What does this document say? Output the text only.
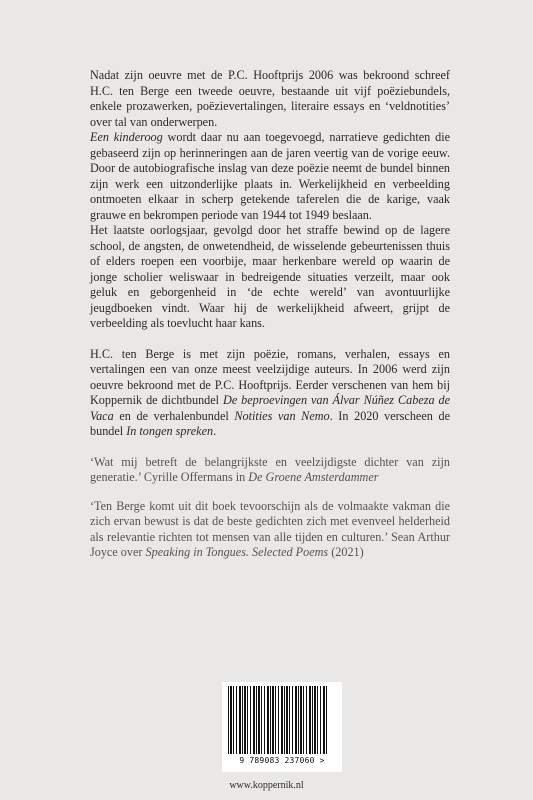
Nadat zijn oeuvre met de P.C. Hooftprijs 2006 was bekroond schreef H.C. ten Berge een tweede oeuvre, bestaande uit vijf poëziebundels, enkele prozawerken, poëzievertalingen, literaire essays en ‘veldnotities’ over tal van onderwerpen.

Een kinderoog wordt daar nu aan toegevoegd, narratieve gedichten die gebaseerd zijn op herinneringen aan de jaren veertig van de vorige eeuw. Door de autobiografische inslag van deze poëzie neemt de bundel binnen zijn werk een uitzonderlijke plaats in. Werkelijkheid en verbeelding ontmoeten elkaar in scherp getekende taferelen die de karige, vaak grauwe en bekrompen periode van 1944 tot 1949 beslaan.

Het laatste oorlogsjaar, gevolgd door het straffe bewind op de lagere school, de angsten, de onwetendheid, de wisselende gebeurtenissen thuis of elders roepen een voorbije, maar herkenbare wereld op waarin de jonge scholier weliswaar in bedreigende situaties verzeilt, maar ook geluk en geborgenheid in ‘de echte wereld’ van avontuurlijke jeugdboeken vindt. Waar hij de werkelijkheid afweert, grijpt de verbeelding als toevlucht haar kans.

H.C. ten Berge is met zijn poëzie, romans, verhalen, essays en vertalingen een van onze meest veelzijdige auteurs. In 2006 werd zijn oeuvre bekroond met de P.C. Hooftprijs. Eerder verschenen van hem bij Koppernik de dichtbundel De beproevingen van Álvar Núñez Cabeza de Vaca en de verhalenbundel Notities van Nemo. In 2020 verscheen de bundel In tongen spreken.

‘Wat mij betreft de belangrijkste en veelzijdigste dichter van zijn generatie.’ Cyrille Offermans in De Groene Amsterdammer

‘Ten Berge komt uit dit boek tevoorschijn als de volmaakte vakman die zich ervan bewust is dat de beste gedichten zich met evenveel helderheid als relevantie richten tot mensen van alle tijden en culturen.’ Sean Arthur Joyce over Speaking in Tongues. Selected Poems (2021)

9 789083 237060 >
www.koppernik.nl
